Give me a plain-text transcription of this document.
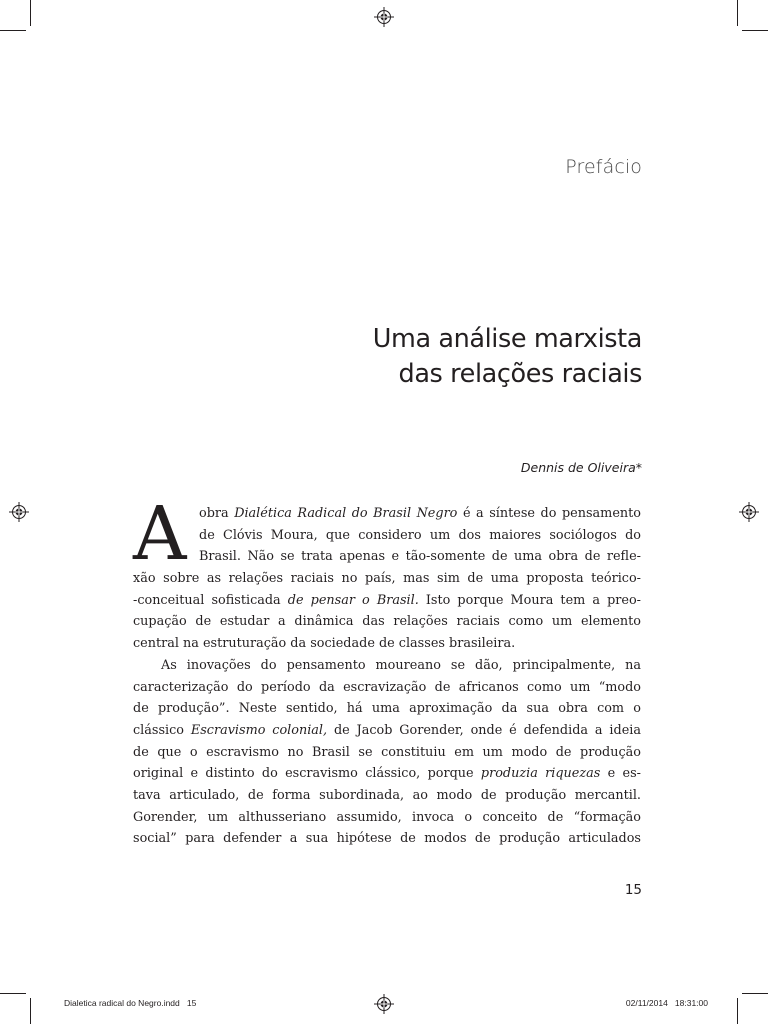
Prefácio
Uma análise marxista
das relações raciais
Dennis de Oliveira*
A obra Dialética Radical do Brasil Negro é a síntese do pensamento
de Clóvis Moura, que considero um dos maiores sociólogos do
Brasil. Não se trata apenas e tão-somente de uma obra de refle-
xão sobre as relações raciais no país, mas sim de uma proposta teórico-
-conceitual sofisticada de pensar o Brasil. Isto porque Moura tem a preo-
cupação de estudar a dinâmica das relações raciais como um elemento
central na estruturação da sociedade de classes brasileira.
As inovações do pensamento moureano se dão, principalmente, na
caracterização do período da escravização de africanos como um “modo
de produção”. Neste sentido, há uma aproximação da sua obra com o
clássico Escravismo colonial, de Jacob Gorender, onde é defendida a ideia
de que o escravismo no Brasil se constituiu em um modo de produção
original e distinto do escravismo clássico, porque produzia riquezas e es-
tava articulado, de forma subordinada, ao modo de produção mercantil.
Gorender, um althusseriano assumido, invoca o conceito de “formação
social” para defender a sua hipótese de modos de produção articulados
15
Dialetica radical do Negro.indd   15	02/11/2014   18:31:00
